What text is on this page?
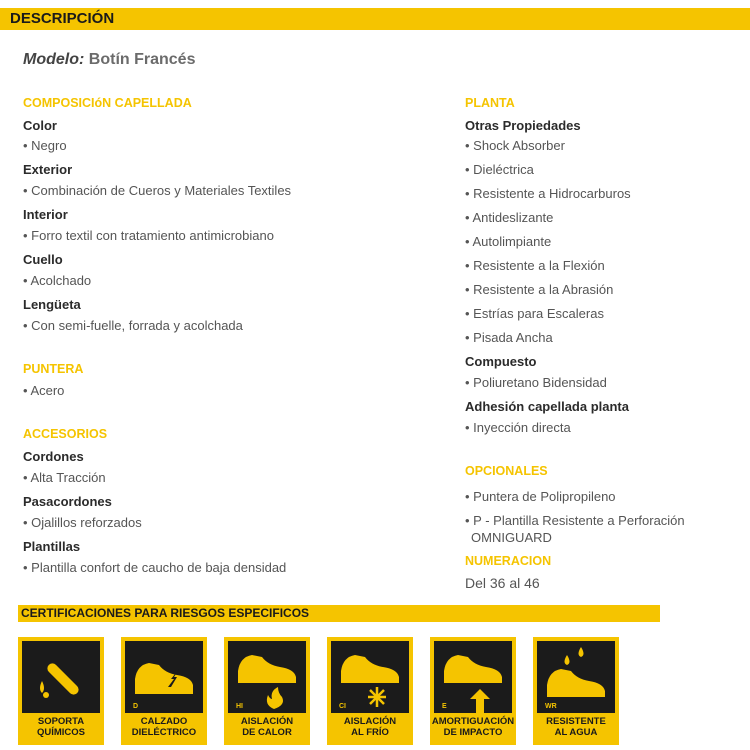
DESCRIPCIÓN
Modelo: Botín Francés
COMPOSICIóN CAPELLADA
Color
• Negro
Exterior
• Combinación de Cueros y Materiales Textiles
Interior
• Forro textil con tratamiento antimicrobiano
Cuello
• Acolchado
Lengüeta
• Con semi-fuelle, forrada y acolchada
PUNTERA
• Acero
ACCESORIOS
Cordones
• Alta Tracción
Pasacordones
• Ojalillos reforzados
Plantillas
• Plantilla confort de caucho de baja densidad
PLANTA
Otras Propiedades
• Shock Absorber
• Dieléctrica
• Resistente a Hidrocarburos
• Antideslizante
• Autolimpiante
• Resistente a la Flexión
• Resistente a la Abrasión
• Estrías para Escaleras
• Pisada Ancha
Compuesto
• Poliuretano Bidensidad
Adhesión capellada planta
• Inyección directa
OPCIONALES
• Puntera de Polipropileno
• P - Plantilla Resistente a Perforación
OMNIGUARD
NUMERACION
Del 36 al 46
CERTIFICACIONES PARA RIESGOS ESPECIFICOS
SOPORTA
QUÍMICOS
D
CALZADO
DIELÉCTRICO
HI
AISLACIÓN
DE CALOR
CI
AISLACIÓN
AL FRÍO
E
AMORTIGUACIÓN
DE IMPACTO
WR
RESISTENTE
AL AGUA
